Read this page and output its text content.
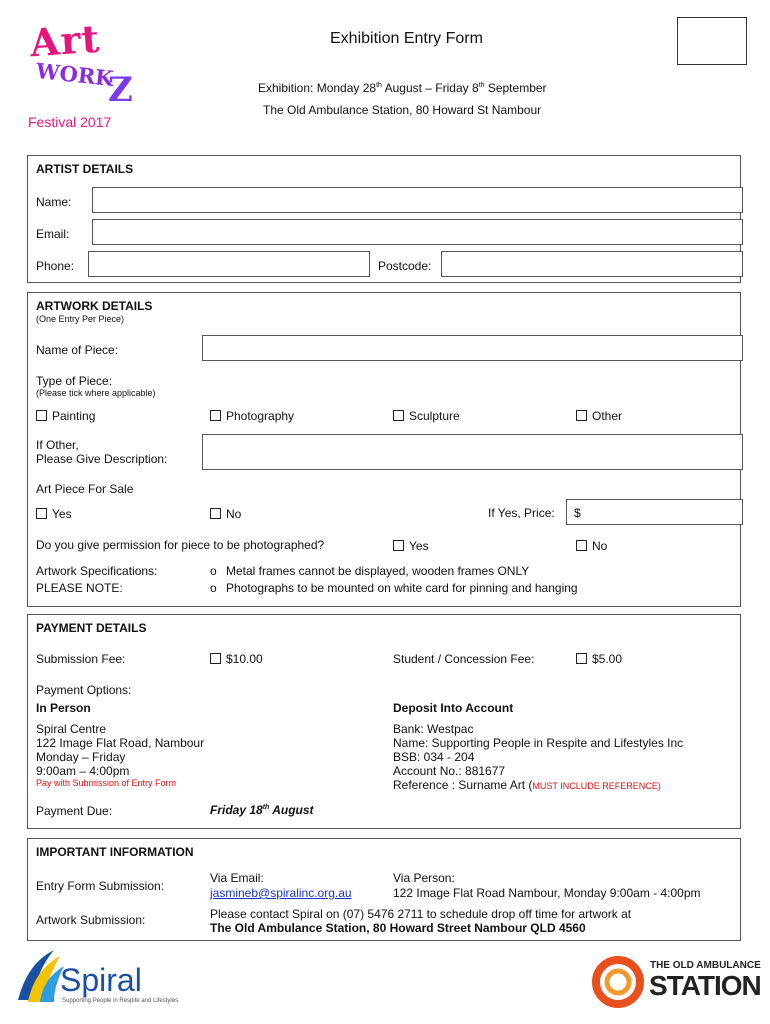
Art
WORK
Z
Festival 2017
Exhibition Entry Form
Exhibition: Monday 28th August – Friday 8th September
The Old Ambulance Station, 80 Howard St Nambour
ARTIST DETAILS
Name:
Email:
Phone:	Postcode:
ARTWORK DETAILS
(One Entry Per Piece)
Name of Piece:
Type of Piece:
(Please tick where applicable)
Painting	Photography	Sculpture	Other
If Other,
Please Give Description:
Art Piece For Sale
Yes	No	If Yes, Price: $
Do you give permission for piece to be photographed?	Yes	No
Artwork Specifications:
PLEASE NOTE:
o Metal frames cannot be displayed, wooden frames ONLY
o Photographs to be mounted on white card for pinning and hanging
PAYMENT DETAILS
Submission Fee:	$10.00	Student / Concession Fee:	$5.00
Payment Options:
In Person	Deposit Into Account
Spiral Centre
122 Image Flat Road, Nambour
Monday – Friday
9:00am – 4:00pm
Pay with Submission of Entry Form
Bank: Westpac
Name: Supporting People in Respite and Lifestyles Inc
BSB: 034 - 204
Account No.: 881677
Reference : Surname Art (MUST INCLUDE REFERENCE)
Payment Due:	Friday 18th August
IMPORTANT INFORMATION
Entry Form Submission:
Via Email:
jasmineb@spiralinc.org.au
Via Person:
122 Image Flat Road Nambour, Monday 9:00am - 4:00pm
Artwork Submission:	Please contact Spiral on (07) 5476 2711 to schedule drop off time for artwork at
The Old Ambulance Station, 80 Howard Street Nambour QLD 4560
Spiral
Supporting People in Respite and Lifestyles
THE OLD AMBULANCE
STATION
